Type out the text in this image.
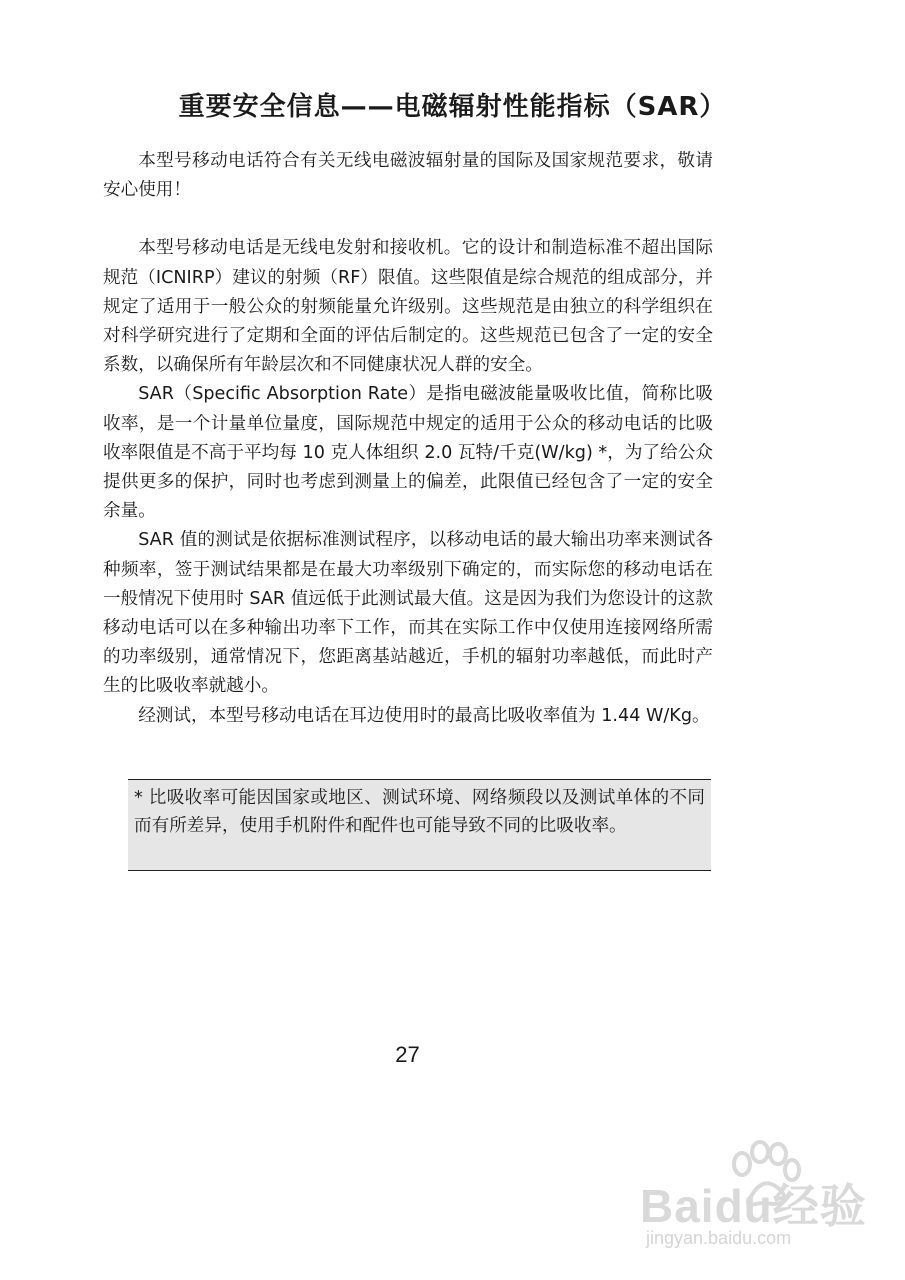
重要安全信息——电磁辐射性能指标（SAR）

本型号移动电话符合有关无线电磁波辐射量的国际及国家规范要求，敬请安心使用！

本型号移动电话是无线电发射和接收机。它的设计和制造标准不超出国际规范（ICNIRP）建议的射频（RF）限值。这些限值是综合规范的组成部分，并规定了适用于一般公众的射频能量允许级别。这些规范是由独立的科学组织在对科学研究进行了定期和全面的评估后制定的。这些规范已包含了一定的安全系数，以确保所有年龄层次和不同健康状况人群的安全。

SAR（Specific Absorption Rate）是指电磁波能量吸收比值，简称比吸收率，是一个计量单位量度，国际规范中规定的适用于公众的移动电话的比吸收率限值是不高于平均每 10 克人体组织 2.0 瓦特/千克(W/kg) *，为了给公众提供更多的保护，同时也考虑到测量上的偏差，此限值已经包含了一定的安全余量。

SAR 值的测试是依据标准测试程序，以移动电话的最大输出功率来测试各种频率，签于测试结果都是在最大功率级别下确定的，而实际您的移动电话在一般情况下使用时 SAR 值远低于此测试最大值。这是因为我们为您设计的这款移动电话可以在多种输出功率下工作，而其在实际工作中仅使用连接网络所需的功率级别，通常情况下，您距离基站越近，手机的辐射功率越低，而此时产生的比吸收率就越小。

经测试，本型号移动电话在耳边使用时的最高比吸收率值为 1.44 W/Kg。

* 比吸收率可能因国家或地区、测试环境、网络频段以及测试单体的不同而有所差异，使用手机附件和配件也可能导致不同的比吸收率。
27
Baidu经验
jingyan.baidu.com
